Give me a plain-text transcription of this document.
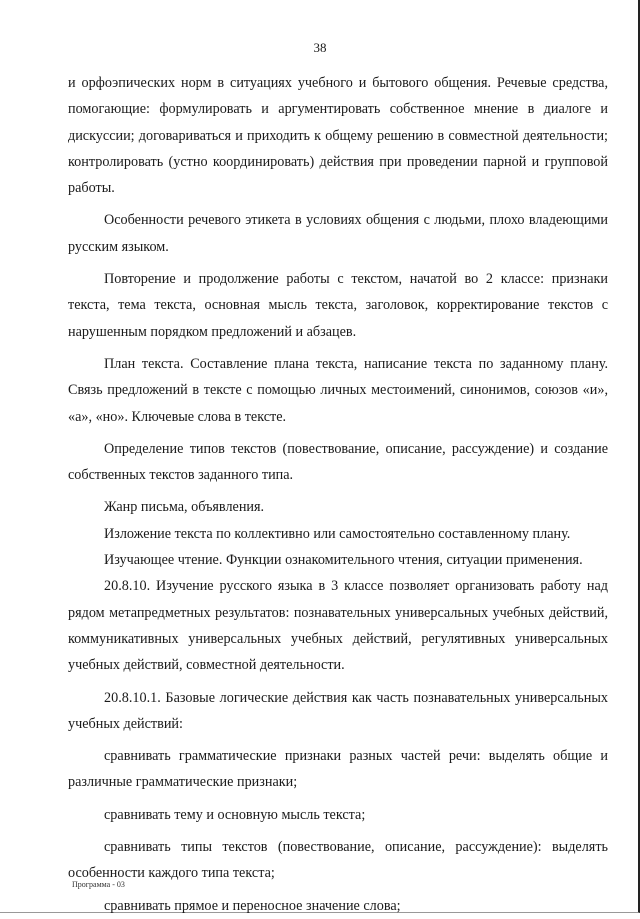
38

и орфоэпических норм в ситуациях учебного и бытового общения. Речевые средства, помогающие: формулировать и аргументировать собственное мнение в диалоге и дискуссии; договариваться и приходить к общему решению в совместной деятельности; контролировать (устно координировать) действия при проведении парной и групповой работы.

Особенности речевого этикета в условиях общения с людьми, плохо владеющими русским языком.

Повторение и продолжение работы с текстом, начатой во 2 классе: признаки текста, тема текста, основная мысль текста, заголовок, корректирование текстов с нарушенным порядком предложений и абзацев.

План текста. Составление плана текста, написание текста по заданному плану. Связь предложений в тексте с помощью личных местоимений, синонимов, союзов «и», «а», «но». Ключевые слова в тексте.

Определение типов текстов (повествование, описание, рассуждение) и создание собственных текстов заданного типа.

Жанр письма, объявления.

Изложение текста по коллективно или самостоятельно составленному плану.

Изучающее чтение. Функции ознакомительного чтения, ситуации применения.

20.8.10. Изучение русского языка в 3 классе позволяет организовать работу над рядом метапредметных результатов: познавательных универсальных учебных действий, коммуникативных универсальных учебных действий, регулятивных универсальных учебных действий, совместной деятельности.

20.8.10.1. Базовые логические действия как часть познавательных универсальных учебных действий:

сравнивать грамматические признаки разных частей речи: выделять общие и различные грамматические признаки;

сравнивать тему и основную мысль текста;

сравнивать типы текстов (повествование, описание, рассуждение): выделять особенности каждого типа текста;

сравнивать прямое и переносное значение слова;

Программа - 03
